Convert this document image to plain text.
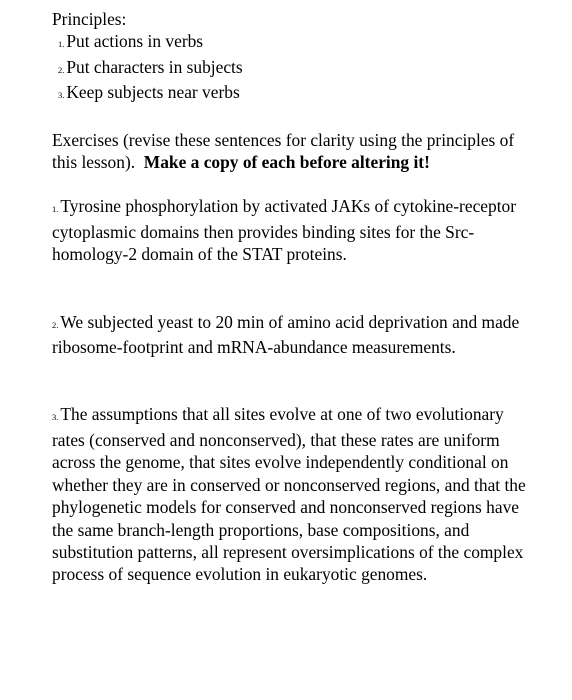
Principles:

1. Put actions in verbs
2. Put characters in subjects
3. Keep subjects near verbs

Exercises (revise these sentences for clarity using the principles of this lesson). Make a copy of each before altering it!

1. Tyrosine phosphorylation by activated JAKs of cytokine-receptor cytoplasmic domains then provides binding sites for the Src-homology-2 domain of the STAT proteins.

2. We subjected yeast to 20 min of amino acid deprivation and made ribosome-footprint and mRNA-abundance measurements.

3. The assumptions that all sites evolve at one of two evolutionary rates (conserved and nonconserved), that these rates are uniform across the genome, that sites evolve independently conditional on whether they are in conserved or nonconserved regions, and that the phylogenetic models for conserved and nonconserved regions have the same branch-length proportions, base compositions, and substitution patterns, all represent oversimplications of the complex process of sequence evolution in eukaryotic genomes.
